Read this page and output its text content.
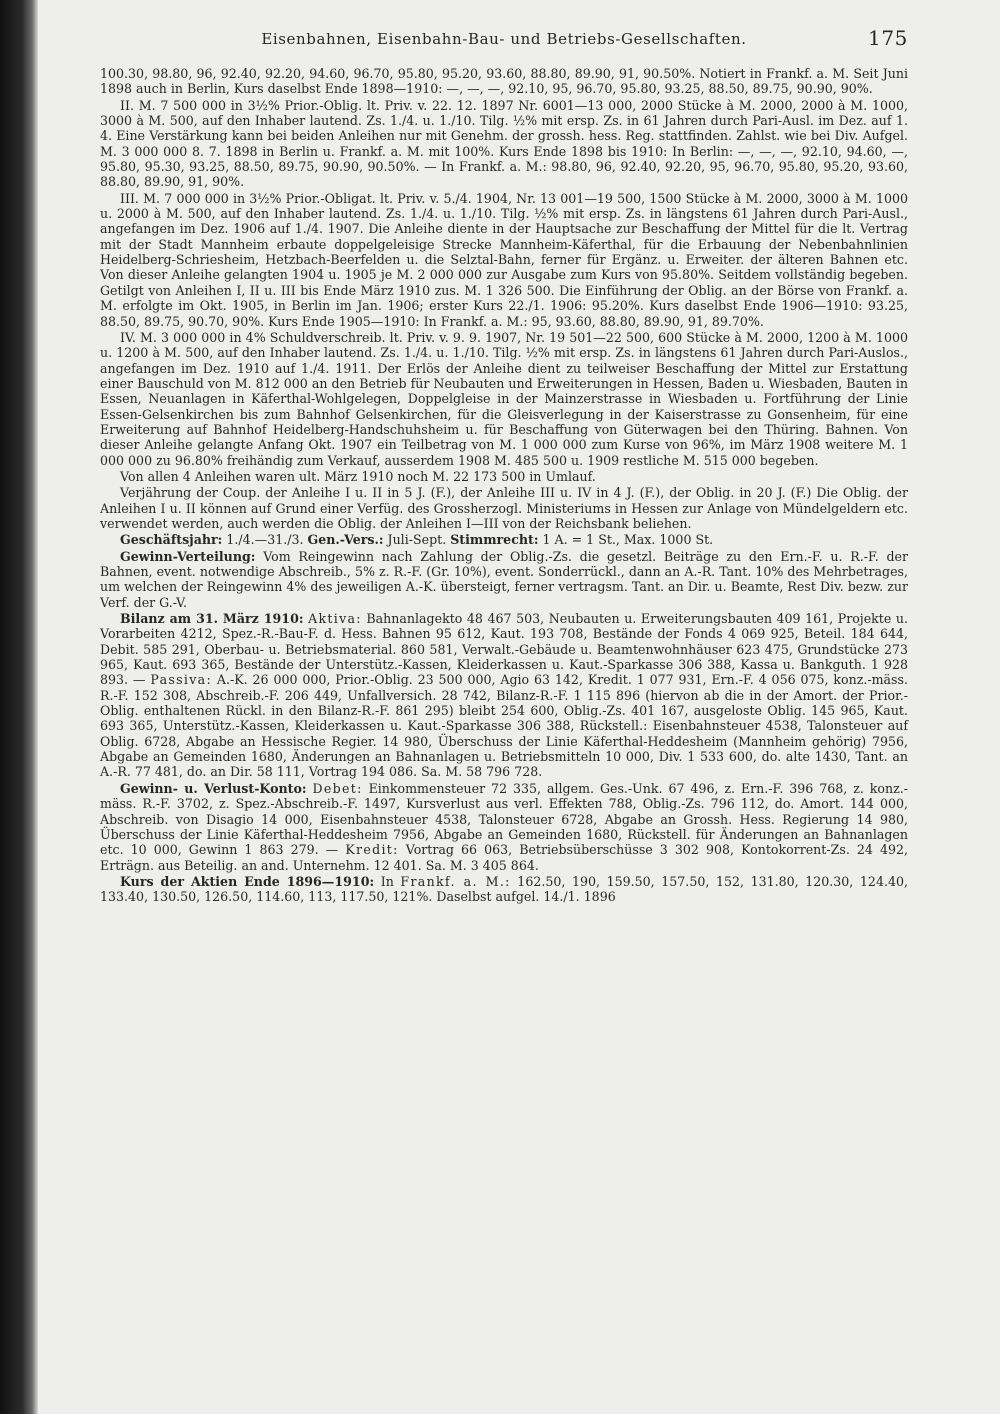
Eisenbahnen, Eisenbahn-Bau- und Betriebs-Gesellschaften.	175

100.30, 98.80, 96, 92.40, 92.20, 94.60, 96.70, 95.80, 95.20, 93.60, 88.80, 89.90, 91, 90.50%. Notiert in Frankf. a. M. Seit Juni 1898 auch in Berlin, Kurs daselbst Ende 1898—1910: —, —, —, 92.10, 95, 96.70, 95.80, 93.25, 88.50, 89.75, 90.90, 90%.

II. M. 7 500 000 in 3½% Prior.-Oblig. lt. Priv. v. 22. 12. 1897 Nr. 6001—13 000, 2000 Stücke à M. 2000, 2000 à M. 1000, 3000 à M. 500, auf den Inhaber lautend. Zs. 1./4. u. 1./10. Tilg. ½% mit ersp. Zs. in 61 Jahren durch Pari-Ausl. im Dez. auf 1. 4. Eine Verstärkung kann bei beiden Anleihen nur mit Genehm. der grossh. hess. Reg. stattfinden. Zahlst. wie bei Div. Aufgel. M. 3 000 000 8. 7. 1898 in Berlin u. Frankf. a. M. mit 100%. Kurs Ende 1898 bis 1910: In Berlin: —, —, —, 92.10, 94.60, —, 95.80, 95.30, 93.25, 88.50, 89.75, 90.90, 90.50%. — In Frankf. a. M.: 98.80, 96, 92.40, 92.20, 95, 96.70, 95.80, 95.20, 93.60, 88.80, 89.90, 91, 90%.

III. M. 7 000 000 in 3½% Prior.-Obligat. lt. Priv. v. 5./4. 1904, Nr. 13 001—19 500, 1500 Stücke à M. 2000, 3000 à M. 1000 u. 2000 à M. 500, auf den Inhaber lautend. Zs. 1./4. u. 1./10. Tilg. ½% mit ersp. Zs. in längstens 61 Jahren durch Pari-Ausl., angefangen im Dez. 1906 auf 1./4. 1907. Die Anleihe diente in der Hauptsache zur Beschaffung der Mittel für die lt. Vertrag mit der Stadt Mannheim erbaute doppelgeleisige Strecke Mannheim-Käferthal, für die Erbauung der Nebenbahnlinien Heidelberg-Schriesheim, Hetzbach-Beerfelden u. die Selztal-Bahn, ferner für Ergänz. u. Erweiter. der älteren Bahnen etc. Von dieser Anleihe gelangten 1904 u. 1905 je M. 2 000 000 zur Ausgabe zum Kurs von 95.80%. Seitdem vollständig begeben. Getilgt von Anleihen I, II u. III bis Ende März 1910 zus. M. 1 326 500. Die Einführung der Oblig. an der Börse von Frankf. a. M. erfolgte im Okt. 1905, in Berlin im Jan. 1906; erster Kurs 22./1. 1906: 95.20%. Kurs daselbst Ende 1906—1910: 93.25, 88.50, 89.75, 90.70, 90%. Kurs Ende 1905—1910: In Frankf. a. M.: 95, 93.60, 88.80, 89.90, 91, 89.70%.

IV. M. 3 000 000 in 4% Schuldverschreib. lt. Priv. v. 9. 9. 1907, Nr. 19 501—22 500, 600 Stücke à M. 2000, 1200 à M. 1000 u. 1200 à M. 500, auf den Inhaber lautend. Zs. 1./4. u. 1./10. Tilg. ½% mit ersp. Zs. in längstens 61 Jahren durch Pari-Auslos., angefangen im Dez. 1910 auf 1./4. 1911. Der Erlös der Anleihe dient zu teilweiser Beschaffung der Mittel zur Erstattung einer Bauschuld von M. 812 000 an den Betrieb für Neubauten und Erweiterungen in Hessen, Baden u. Wiesbaden, Bauten in Essen, Neuanlagen in Käferthal-Wohlgelegen, Doppelgleise in der Mainzerstrasse in Wiesbaden u. Fortführung der Linie Essen-Gelsenkirchen bis zum Bahnhof Gelsenkirchen, für die Gleisverlegung in der Kaiserstrasse zu Gonsenheim, für eine Erweiterung auf Bahnhof Heidelberg-Handschuhsheim u. für Beschaffung von Güterwagen bei den Thüring. Bahnen. Von dieser Anleihe gelangte Anfang Okt. 1907 ein Teilbetrag von M. 1 000 000 zum Kurse von 96%, im März 1908 weitere M. 1 000 000 zu 96.80% freihändig zum Verkauf, ausserdem 1908 M. 485 500 u. 1909 restliche M. 515 000 begeben.

Von allen 4 Anleihen waren ult. März 1910 noch M. 22 173 500 in Umlauf.

Verjährung der Coup. der Anleihe I u. II in 5 J. (F.), der Anleihe III u. IV in 4 J. (F.), der Oblig. in 20 J. (F.) Die Oblig. der Anleihen I u. II können auf Grund einer Verfüg. des Grossherzogl. Ministeriums in Hessen zur Anlage von Mündelgeldern etc. verwendet werden, auch werden die Oblig. der Anleihen I—III von der Reichsbank beliehen.

Geschäftsjahr: 1./4.—31./3. Gen.-Vers.: Juli-Sept. Stimmrecht: 1 A. = 1 St., Max. 1000 St.

Gewinn-Verteilung: Vom Reingewinn nach Zahlung der Oblig.-Zs. die gesetzl. Beiträge zu den Ern.-F. u. R.-F. der Bahnen, event. notwendige Abschreib., 5% z. R.-F. (Gr. 10%), event. Sonderrückl., dann an A.-R. Tant. 10% des Mehrbetrages, um welchen der Reingewinn 4% des jeweiligen A.-K. übersteigt, ferner vertragsm. Tant. an Dir. u. Beamte, Rest Div. bezw. zur Verf. der G.-V.

Bilanz am 31. März 1910: Aktiva: Bahnanlagekto 48 467 503, Neubauten u. Erweiterungsbauten 409 161, Projekte u. Vorarbeiten 4212, Spez.-R.-Bau-F. d. Hess. Bahnen 95 612, Kaut. 193 708, Bestände der Fonds 4 069 925, Beteil. 184 644, Debit. 585 291, Oberbau- u. Betriebsmaterial. 860 581, Verwalt.-Gebäude u. Beamtenwohnhäuser 623 475, Grundstücke 273 965, Kaut. 693 365, Bestände der Unterstütz.-Kassen, Kleiderkassen u. Kaut.-Sparkasse 306 388, Kassa u. Bankguth. 1 928 893. — Passiva: A.-K. 26 000 000, Prior.-Oblig. 23 500 000, Agio 63 142, Kredit. 1 077 931, Ern.-F. 4 056 075, konz.-mäss. R.-F. 152 308, Abschreib.-F. 206 449, Unfallversich. 28 742, Bilanz-R.-F. 1 115 896 (hiervon ab die in der Amort. der Prior.-Oblig. enthaltenen Rückl. in den Bilanz-R.-F. 861 295) bleibt 254 600, Oblig.-Zs. 401 167, ausgeloste Oblig. 145 965, Kaut. 693 365, Unterstütz.-Kassen, Kleiderkassen u. Kaut.-Sparkasse 306 388, Rückstell.: Eisenbahnsteuer 4538, Talonsteuer auf Oblig. 6728, Abgabe an Hessische Regier. 14 980, Überschuss der Linie Käferthal-Heddesheim (Mannheim gehörig) 7956, Abgabe an Gemeinden 1680, Änderungen an Bahnanlagen u. Betriebsmitteln 10 000, Div. 1 533 600, do. alte 1430, Tant. an A.-R. 77 481, do. an Dir. 58 111, Vortrag 194 086. Sa. M. 58 796 728.

Gewinn- u. Verlust-Konto: Debet: Einkommensteuer 72 335, allgem. Ges.-Unk. 67 496, z. Ern.-F. 396 768, z. konz.-mäss. R.-F. 3702, z. Spez.-Abschreib.-F. 1497, Kursverlust aus verl. Effekten 788, Oblig.-Zs. 796 112, do. Amort. 144 000, Abschreib. von Disagio 14 000, Eisenbahnsteuer 4538, Talonsteuer 6728, Abgabe an Grossh. Hess. Regierung 14 980, Überschuss der Linie Käferthal-Heddesheim 7956, Abgabe an Gemeinden 1680, Rückstell. für Änderungen an Bahnanlagen etc. 10 000, Gewinn 1 863 279. — Kredit: Vortrag 66 063, Betriebsüberschüsse 3 302 908, Kontokorrent-Zs. 24 492, Erträgn. aus Beteilig. an and. Unternehm. 12 401. Sa. M. 3 405 864.

Kurs der Aktien Ende 1896—1910: In Frankf. a. M.: 162.50, 190, 159.50, 157.50, 152, 131.80, 120.30, 124.40, 133.40, 130.50, 126.50, 114.60, 113, 117.50, 121%. Daselbst aufgel. 14./1. 1896
